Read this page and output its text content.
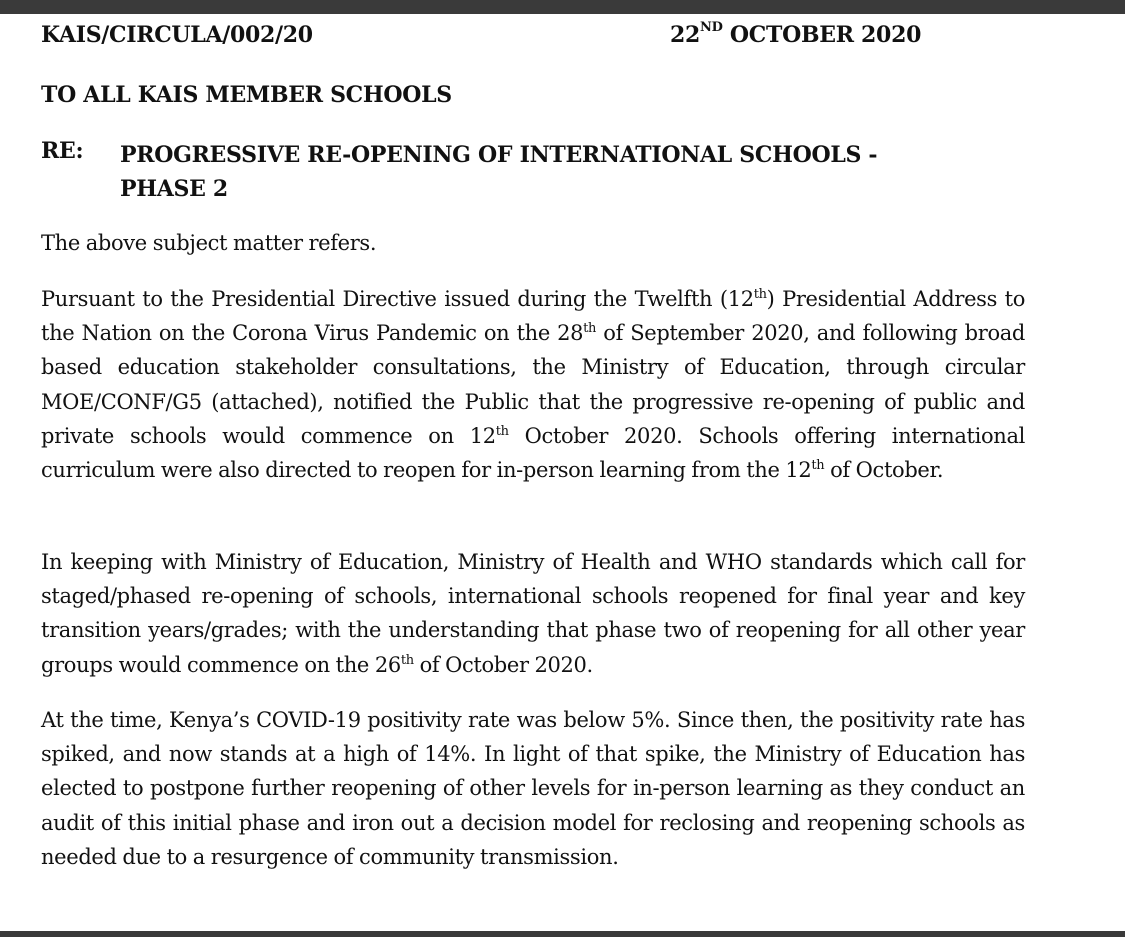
KAIS/CIRCULA/002/20	22ND OCTOBER 2020
TO ALL KAIS MEMBER SCHOOLS
RE: PROGRESSIVE RE-OPENING OF INTERNATIONAL SCHOOLS -
PHASE 2

The above subject matter refers.

Pursuant to the Presidential Directive issued during the Twelfth (12th) Presidential Address to the Nation on the Corona Virus Pandemic on the 28th of September 2020, and following broad based education stakeholder consultations, the Ministry of Education, through circular MOE/CONF/G5 (attached), notified the Public that the progressive re-opening of public and private schools would commence on 12th October 2020. Schools offering international curriculum were also directed to reopen for in-person learning from the 12th of October.

In keeping with Ministry of Education, Ministry of Health and WHO standards which call for staged/phased re-opening of schools, international schools reopened for final year and key transition years/grades; with the understanding that phase two of reopening for all other year groups would commence on the 26th of October 2020.

At the time, Kenya’s COVID-19 positivity rate was below 5%. Since then, the positivity rate has spiked, and now stands at a high of 14%. In light of that spike, the Ministry of Education has elected to postpone further reopening of other levels for in-person learning as they conduct an audit of this initial phase and iron out a decision model for reclosing and reopening schools as needed due to a resurgence of community transmission.
